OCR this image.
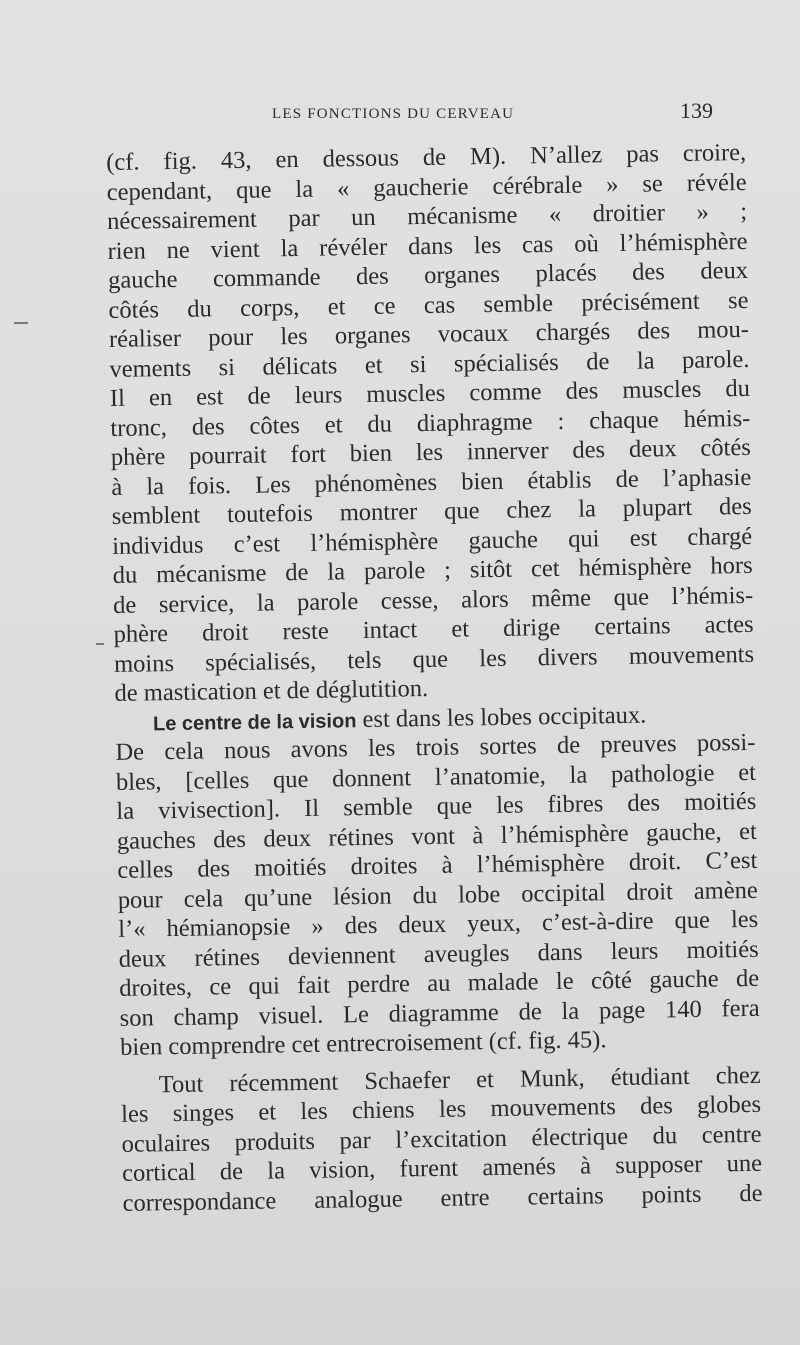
LES FONCTIONS DU CERVEAU	139
(cf. fig. 43, en dessous de M). N’allez pas croire,
cependant, que la « gaucherie cérébrale » se révéle
nécessairement par un mécanisme « droitier » ;
rien ne vient la révéler dans les cas où l’hémisphère
gauche commande des organes placés des deux
côtés du corps, et ce cas semble précisément se
réaliser pour les organes vocaux chargés des mou-
vements si délicats et si spécialisés de la parole.
Il en est de leurs muscles comme des muscles du
tronc, des côtes et du diaphragme : chaque hémis-
phère pourrait fort bien les innerver des deux côtés
à la fois. Les phénomènes bien établis de l’aphasie
semblent toutefois montrer que chez la plupart des
individus c’est l’hémisphère gauche qui est chargé
du mécanisme de la parole ; sitôt cet hémisphère hors
de service, la parole cesse, alors même que l’hémis-
phère droit reste intact et dirige certains actes
moins spécialisés, tels que les divers mouvements
de mastication et de déglutition.
Le centre de la vision est dans les lobes occipitaux.
De cela nous avons les trois sortes de preuves possi-
bles, [celles que donnent l’anatomie, la pathologie et
la vivisection]. Il semble que les fibres des moitiés
gauches des deux rétines vont à l’hémisphère gauche, et
celles des moitiés droites à l’hémisphère droit. C’est
pour cela qu’une lésion du lobe occipital droit amène
l’« hémianopsie » des deux yeux, c’est-à-dire que les
deux rétines deviennent aveugles dans leurs moitiés
droites, ce qui fait perdre au malade le côté gauche de
son champ visuel. Le diagramme de la page 140 fera
bien comprendre cet entrecroisement (cf. fig. 45).
Tout récemment Schaefer et Munk, étudiant chez
les singes et les chiens les mouvements des globes
oculaires produits par l’excitation électrique du centre
cortical de la vision, furent amenés à supposer une
correspondance analogue entre certains points de
